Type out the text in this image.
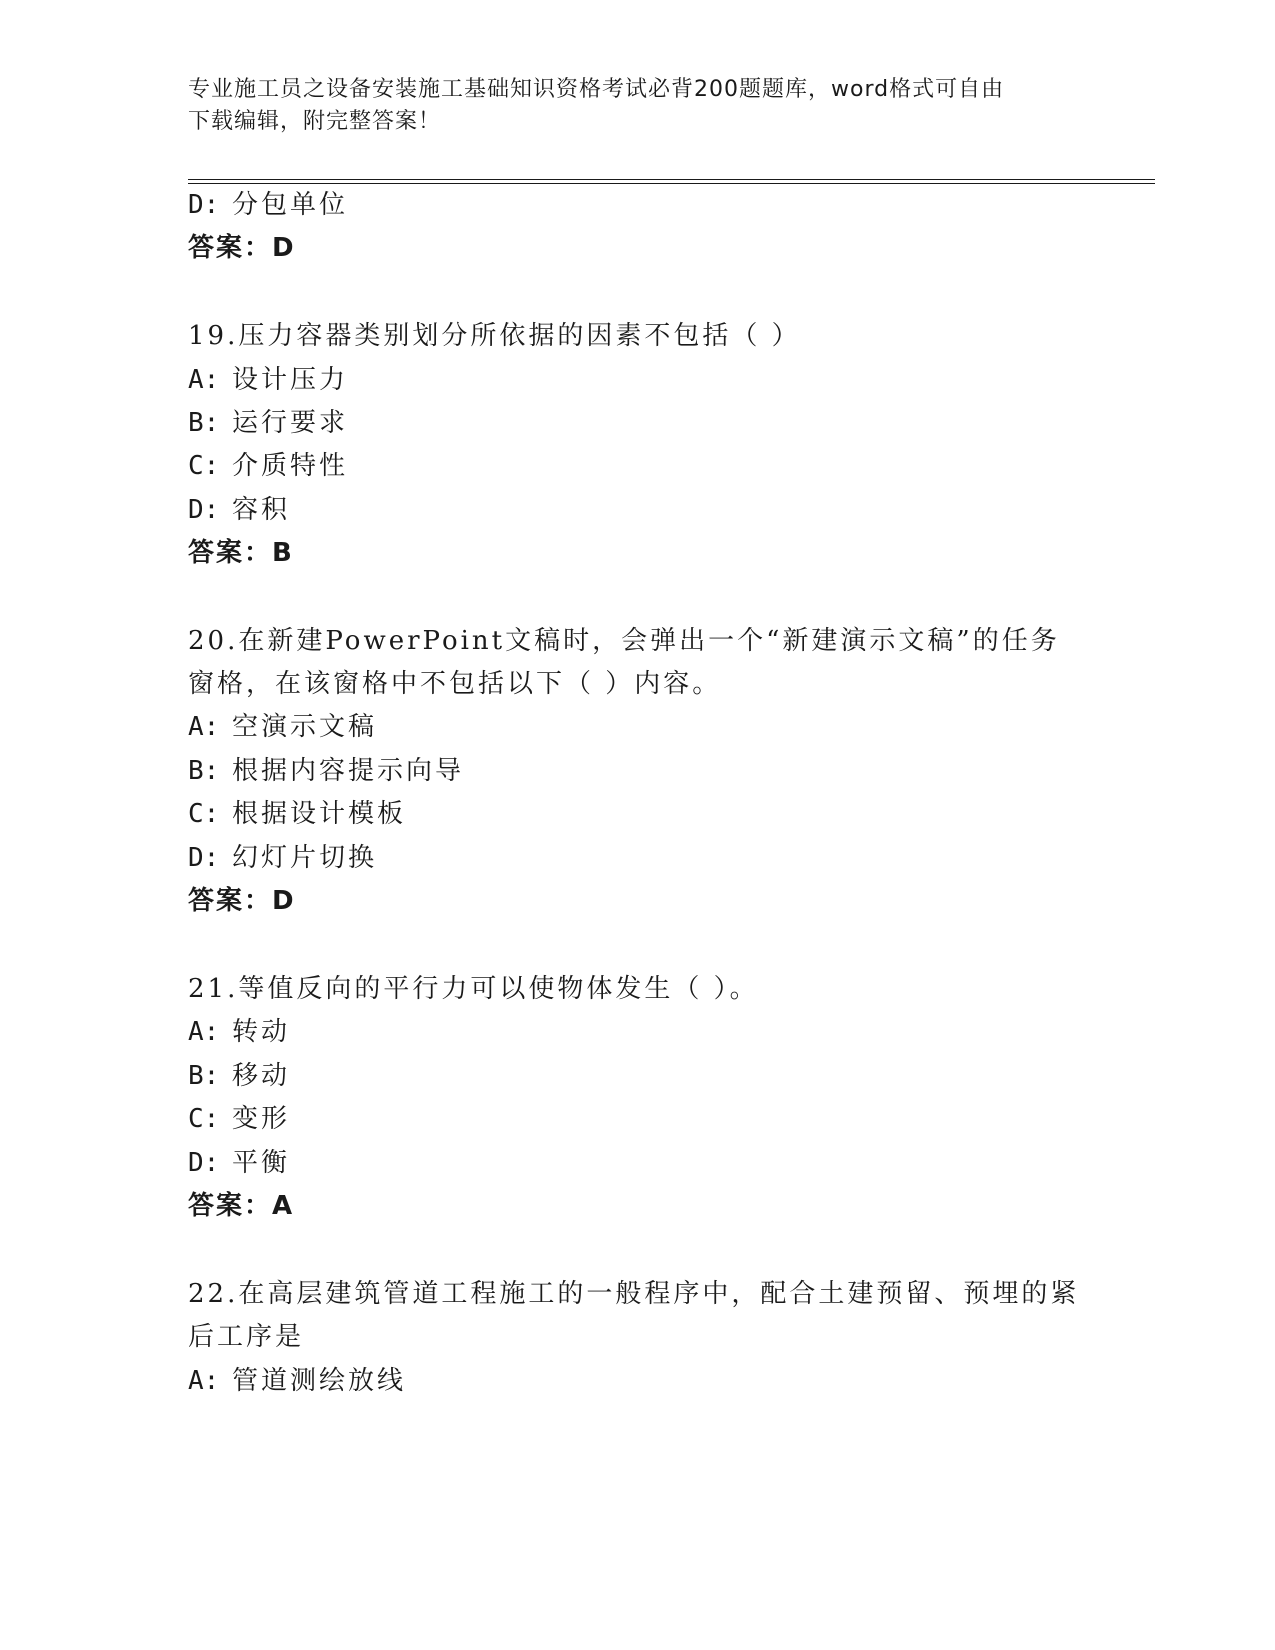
专业施工员之设备安装施工基础知识资格考试必背200题题库，word格式可自由
下载编辑，附完整答案！
D: 分包单位
答案：D
19.压力容器类别划分所依据的因素不包括（ ）
A: 设计压力
B: 运行要求
C: 介质特性
D: 容积
答案：B
20.在新建PowerPoint文稿时，会弹出一个“新建演示文稿”的任务
窗格，在该窗格中不包括以下（ ）内容。
A: 空演示文稿
B: 根据内容提示向导
C: 根据设计模板
D: 幻灯片切换
答案：D
21.等值反向的平行力可以使物体发生（ ）。
A: 转动
B: 移动
C: 变形
D: 平衡
答案：A
22.在高层建筑管道工程施工的一般程序中，配合土建预留、预埋的紧
后工序是
A: 管道测绘放线
